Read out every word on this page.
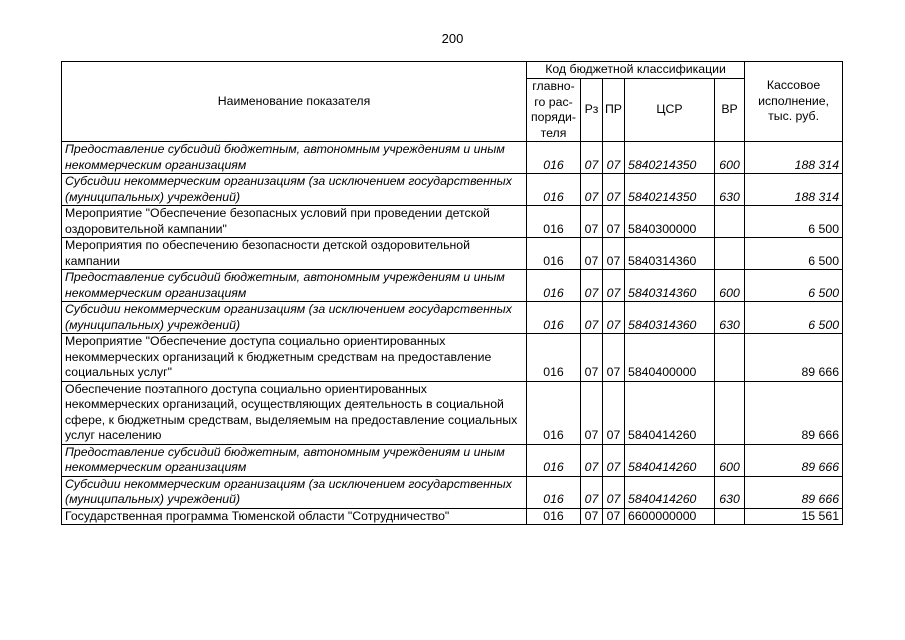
200
Наименование показателя	Код бюджетной классификации					Кассовое исполнение, тыс. руб.
	главно-го рас-поряди-теля	Рз	ПР	ЦСР	ВР	
Предоставление субсидий бюджетным, автономным учреждениям и иным некоммерческим организациям	016	07	07	5840214350	600	188 314
Субсидии некоммерческим организациям (за исключением государственных (муниципальных) учреждений)	016	07	07	5840214350	630	188 314
Мероприятие "Обеспечение безопасных условий при проведении детской оздоровительной кампании"	016	07	07	5840300000		6 500
Мероприятия по обеспечению безопасности детской оздоровительной кампании	016	07	07	5840314360		6 500
Предоставление субсидий бюджетным, автономным учреждениям и иным некоммерческим организациям	016	07	07	5840314360	600	6 500
Субсидии некоммерческим организациям (за исключением государственных (муниципальных) учреждений)	016	07	07	5840314360	630	6 500
Мероприятие "Обеспечение доступа социально ориентированных некоммерческих организаций к бюджетным средствам на предоставление социальных услуг"	016	07	07	5840400000		89 666
Обеспечение поэтапного доступа социально ориентированных некоммерческих организаций, осуществляющих деятельность в социальной сфере, к бюджетным средствам, выделяемым на предоставление социальных услуг населению	016	07	07	5840414260		89 666
Предоставление субсидий бюджетным, автономным учреждениям и иным некоммерческим организациям	016	07	07	5840414260	600	89 666
Субсидии некоммерческим организациям (за исключением государственных (муниципальных) учреждений)	016	07	07	5840414260	630	89 666
Государственная программа Тюменской области "Сотрудничество"	016	07	07	6600000000		15 561
